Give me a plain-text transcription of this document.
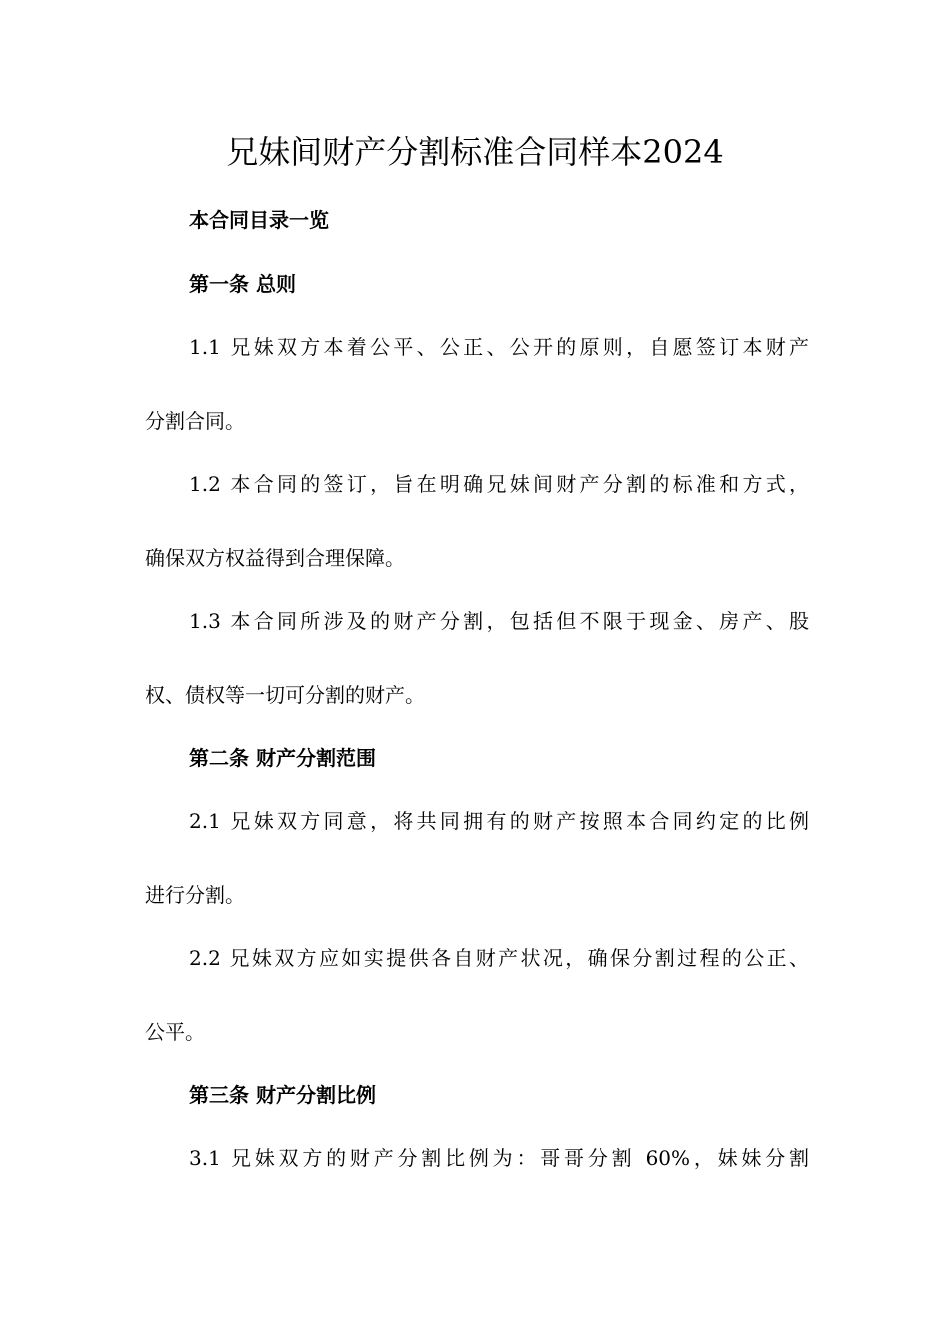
兄妹间财产分割标准合同样本2024
本合同目录一览
第一条 总则
1.1 兄妹双方本着公平、公正、公开的原则，自愿签订本财产
分割合同。
1.2 本合同的签订，旨在明确兄妹间财产分割的标准和方式，
确保双方权益得到合理保障。
1.3 本合同所涉及的财产分割，包括但不限于现金、房产、股
权、债权等一切可分割的财产。
第二条 财产分割范围
2.1 兄妹双方同意，将共同拥有的财产按照本合同约定的比例
进行分割。
2.2 兄妹双方应如实提供各自财产状况，确保分割过程的公正、
公平。
第三条 财产分割比例
3.1 兄妹双方的财产分割比例为：哥哥分割 60%，妹妹分割
